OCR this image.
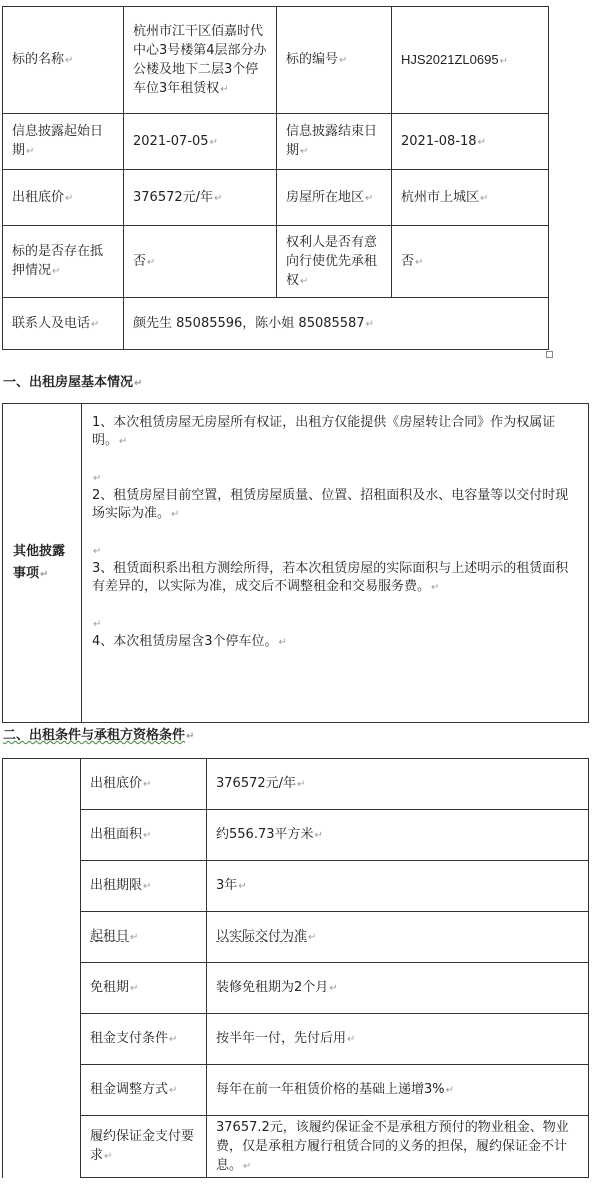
标的名称↵	杭州市江干区佰嘉时代中心3号楼第4层部分办公楼及地下二层3个停车位3年租赁权↵	标的编号↵	HJS2021ZL0695↵
信息披露起始日期↵	2021-07-05↵	信息披露结束日期↵	2021-08-18↵
出租底价↵	376572元/年↵	房屋所在地区↵	杭州市上城区↵
标的是否存在抵押情况↵	否↵	权利人是否有意向行使优先承租权↵	否↵
联系人及电话↵	颜先生 85085596，陈小姐 85085587↵		
一、出租房屋基本情况↵
其他披露事项↵	

1、本次租赁房屋无房屋所有权证，出租方仅能提供《房屋转让合同》作为权属证明。↵

$_↵$

2、租赁房屋目前空置，租赁房屋质量、位置、招租面积及水、电容量等以交付时现场实际为准。↵

$_↵$

3、租赁面积系出租方测绘所得，若本次租赁房屋的实际面积与上述明示的租赁面积有差异的，以实际为准，成交后不调整租金和交易服务费。↵

$_↵$

4、本次租赁房屋含3个停车位。↵

二、出租条件与承租方资格条件↵
	出租底价↵	376572元/年↵
	出租面积↵	约556.73平方米↵
	出租期限↵	3年↵
	起租日↵	以实际交付为准↵
	免租期↵	装修免租期为2个月↵
	租金支付条件↵	按半年一付，先付后用↵
	租金调整方式↵	每年在前一年租赁价格的基础上递增3%↵
	履约保证金支付要求↵	37657.2元，该履约保证金不是承租方预付的物业租金、物业费，仅是承租方履行租赁合同的义务的担保，履约保证金不计息。↵
